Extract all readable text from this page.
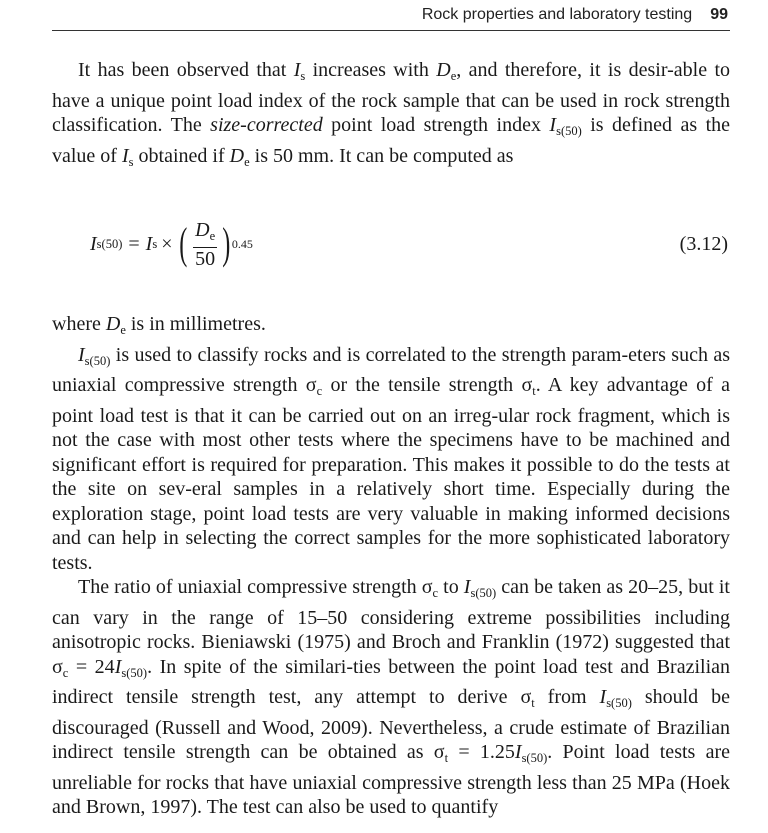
Rock properties and laboratory testing 99

It has been observed that $I_s$ increases with $D_e$, and therefore, it is desir-able to have a unique point load index of the rock sample that can be used in rock strength classification. The size-corrected point load strength index $I_{s(50)}$ is defined as the value of $I_s$ obtained if $D_e$ is 50 mm. It can be computed as

I s(50) = I s × ( $\frac{D_e}{50}$ ) 0.45	(3.12)

where $D_e$ is in millimetres.

$I_{s(50)}$ is used to classify rocks and is correlated to the strength param-eters such as uniaxial compressive strength $\sigma_c$ or the tensile strength $\sigma_t$. A key advantage of a point load test is that it can be carried out on an irreg-ular rock fragment, which is not the case with most other tests where the specimens have to be machined and significant effort is required for preparation. This makes it possible to do the tests at the site on sev-eral samples in a relatively short time. Especially during the exploration stage, point load tests are very valuable in making informed decisions and can help in selecting the correct samples for the more sophisticated laboratory tests.

The ratio of uniaxial compressive strength $\sigma_c$ to $I_{s(50)}$ can be taken as 20–25, but it can vary in the range of 15–50 considering extreme possibilities including anisotropic rocks. Bieniawski (1975) and Broch and Franklin (1972) suggested that $\sigma_c = 24I_{s(50)}$. In spite of the similari-ties between the point load test and Brazilian indirect tensile strength test, any attempt to derive $\sigma_t$ from $I_{s(50)}$ should be discouraged (Russell and Wood, 2009). Nevertheless, a crude estimate of Brazilian indirect tensile strength can be obtained as $\sigma_t = 1.25I_{s(50)}$. Point load tests are unreliable for rocks that have uniaxial compressive strength less than 25 MPa (Hoek and Brown, 1997). The test can also be used to quantify
